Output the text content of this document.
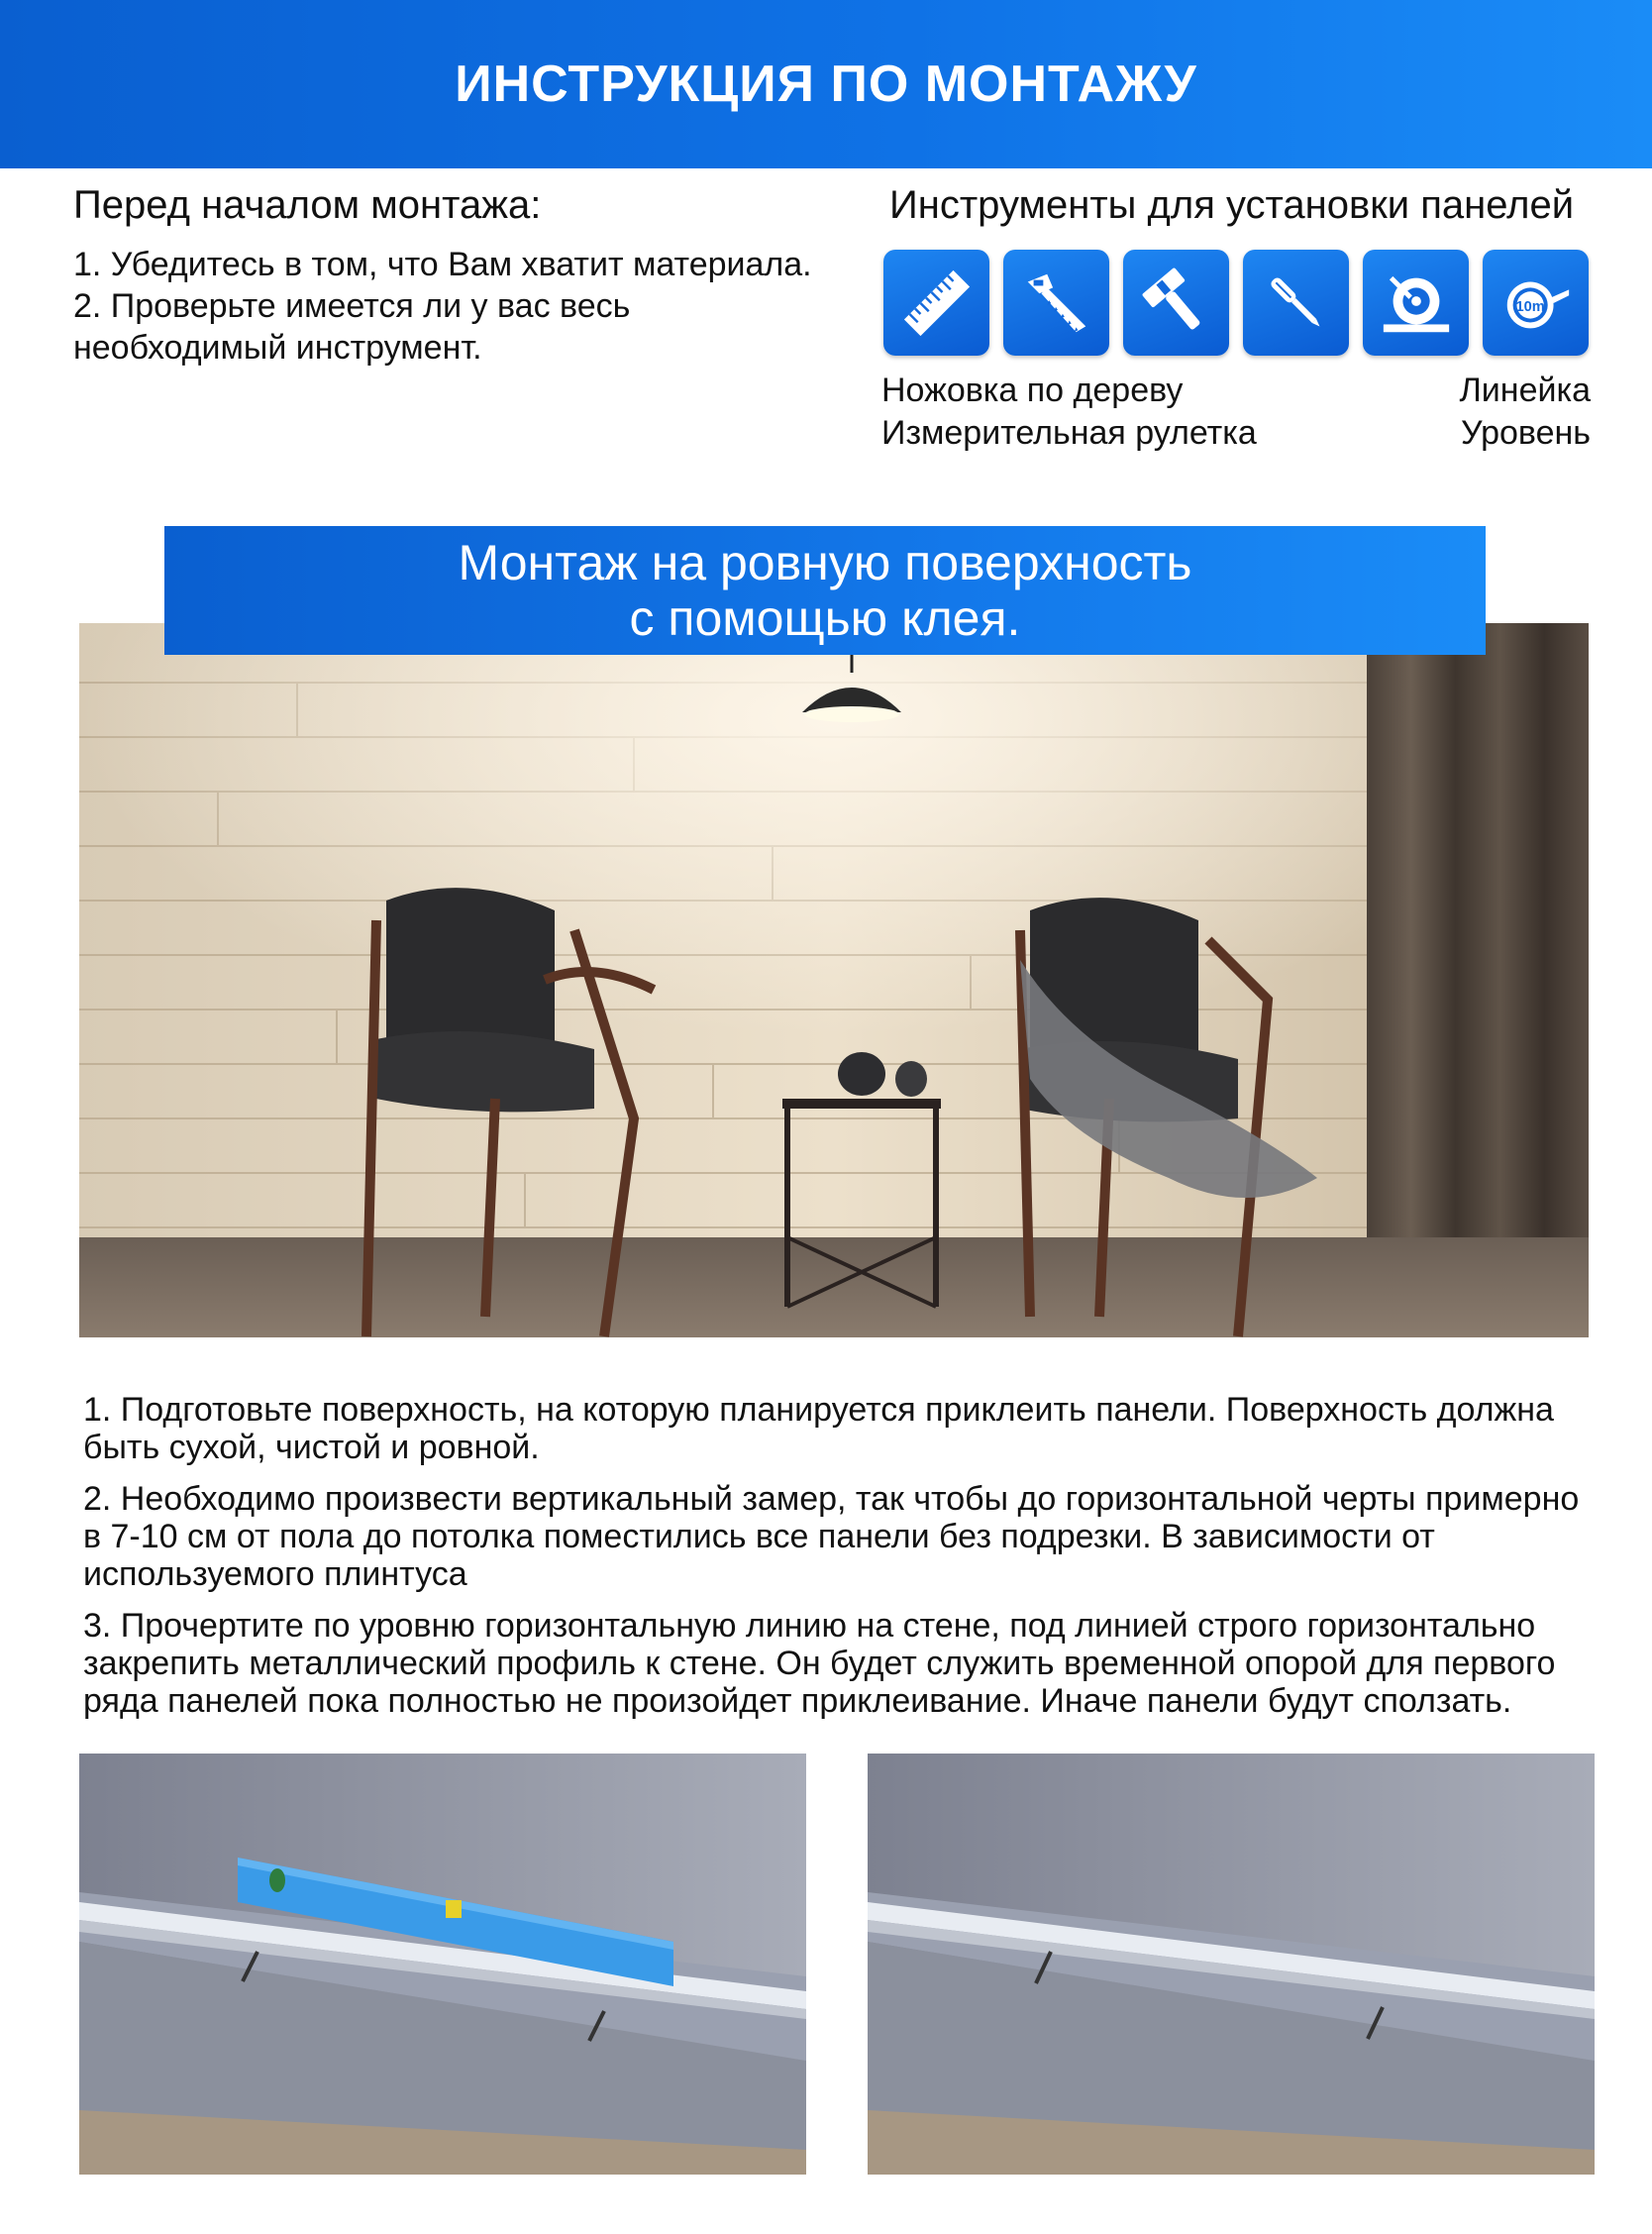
ИНСТРУКЦИЯ ПО МОНТАЖУ
Перед началом монтажа:
1. Убедитесь в том, что Вам хватит материала.
2. Проверьте имеется ли у вас весь
необходимый инструмент.
Инструменты для установки панелей
10m
Ножовка по дереву	Линейка
Измерительная рулетка	Уровень
Монтаж на ровную поверхность
с помощью клея.

1. Подготовьте поверхность, на которую планируется приклеить панели. Поверхность должна быть сухой, чистой и ровной.

2. Необходимо произвести вертикальный замер, так чтобы до горизонтальной черты примерно в 7-10 см от пола до потолка поместились все панели без подрезки. В зависимости от используемого плинтуса

3. Прочертите по уровню горизонтальную линию на стене, под линией строго горизонтально закрепить металлический профиль к стене. Он будет служить временной опорой для первого ряда панелей пока полностью не произойдет приклеивание. Иначе панели будут сползать.
